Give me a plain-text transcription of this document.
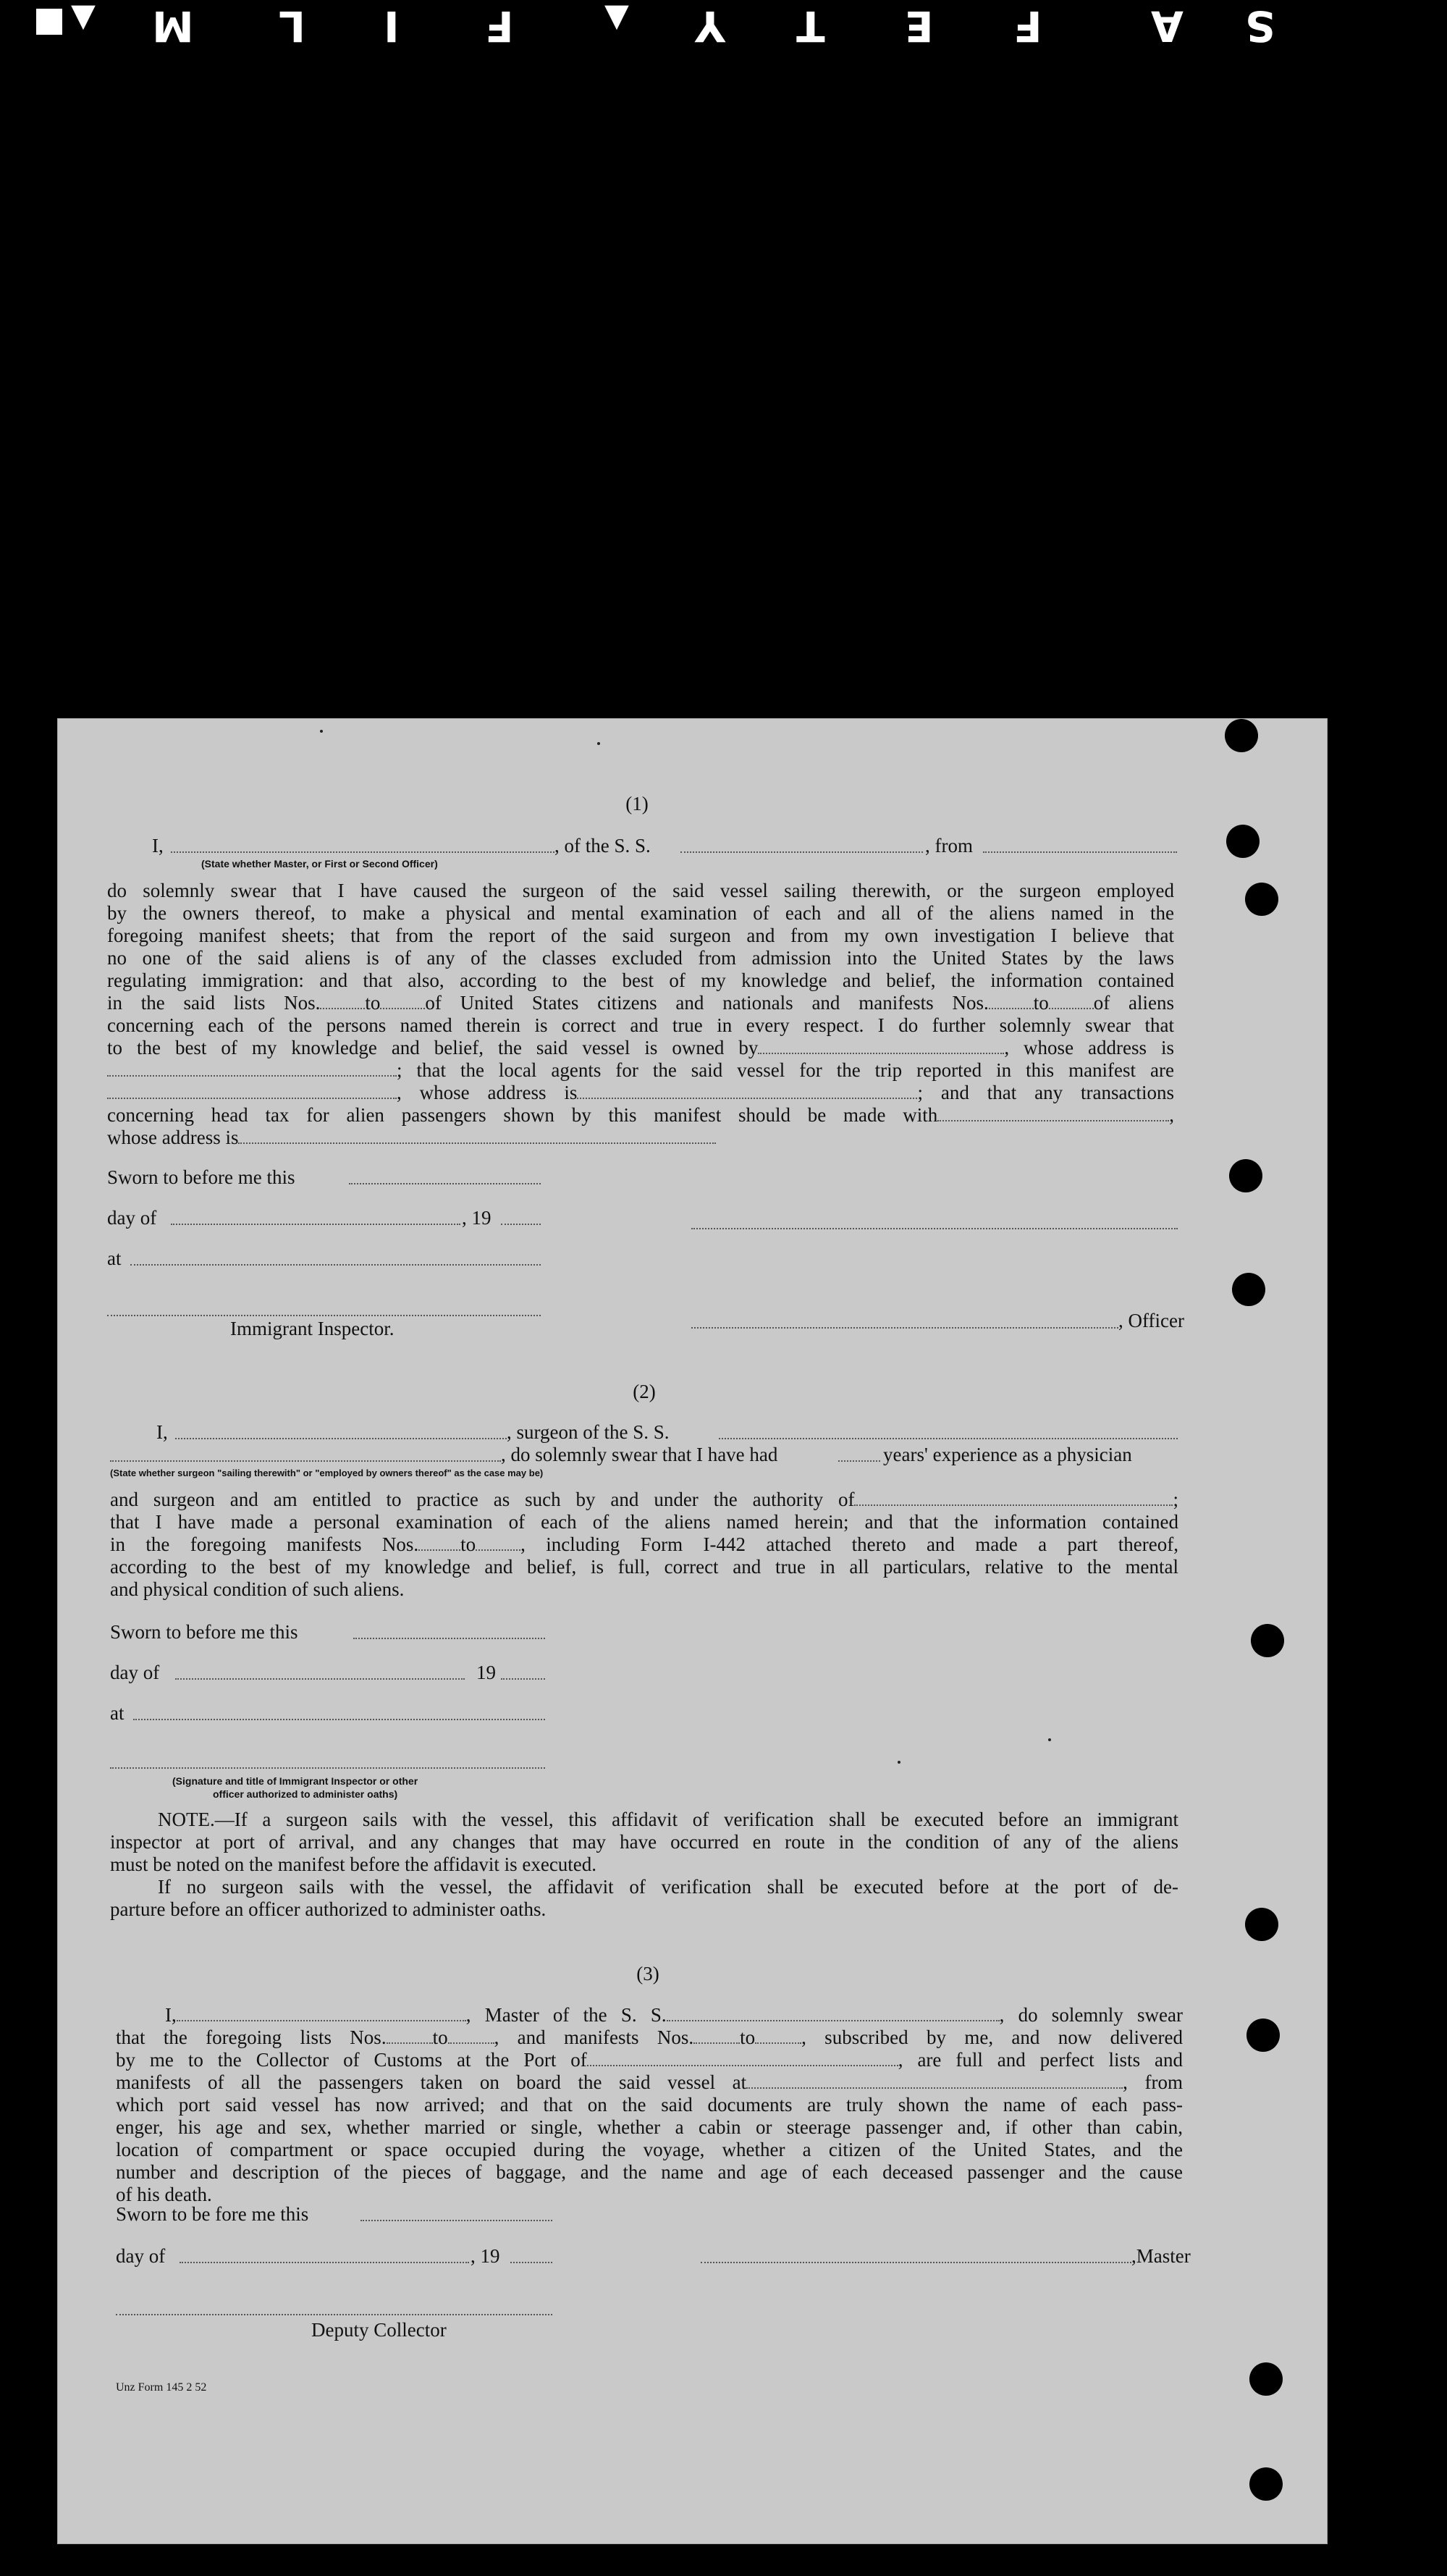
▲	S
A
F
E
T
Y
▲
F
I
L
M
(1)
I,	, of the S. S.	, from
(State whether Master, or First or Second Officer)
do solemnly swear that I have caused the surgeon of the said vessel sailing therewith, or the surgeon employed
by the owners thereof, to make a physical and mental examination of each and all of the aliens named in the
foregoing manifest sheets; that from the report of the said surgeon and from my own investigation I believe that
no one of the said aliens is of any of the classes excluded from admission into the United States by the laws
regulating immigration: and that also, according to the best of my knowledge and belief, the information contained
in the said lists Nos. to of United States citizens and nationals and manifests Nos. to of aliens
concerning each of the persons named therein is correct and true in every respect. I do further solemnly swear that
to the best of my knowledge and belief, the said vessel is owned by	, whose address is
; that the local agents for the said vessel for the trip reported in this manifest are
, whose address is	; and that any transactions
concerning head tax for alien passengers shown by this manifest should be made with	,
whose address is
Sworn to before me this
day of	, 19
at
Immigrant Inspector.	, Officer
(2)
I,	, surgeon of the S. S.
, do solemnly swear that I have had	years' experience as a physician
(State whether surgeon "sailing therewith" or "employed by owners thereof" as the case may be)
and surgeon and am entitled to practice as such by and under the authority of	;
that I have made a personal examination of each of the aliens named herein; and that the information contained
in the foregoing manifests Nos. to , including Form I-442 attached thereto and made a part thereof,
according to the best of my knowledge and belief, is full, correct and true in all particulars, relative to the mental
and physical condition of such aliens.
Sworn to before me this
day of	19
at
(Signature and title of Immigrant Inspector or other
officer authorized to administer oaths)
NOTE.—If a surgeon sails with the vessel, this affidavit of verification shall be executed before an immigrant
inspector at port of arrival, and any changes that may have occurred en route in the condition of any of the aliens
must be noted on the manifest before the affidavit is executed.
If no surgeon sails with the vessel, the affidavit of verification shall be executed before at the port of de-
parture before an officer authorized to administer oaths.
(3)
I,	, Master of the S. S.	, do solemnly swear
that the foregoing lists Nos. to , and manifests Nos. to , subscribed by me, and now delivered
by me to the Collector of Customs at the Port of	, are full and perfect lists and
manifests of all the passengers taken on board the said vessel at	, from
which port said vessel has now arrived; and that on the said documents are truly shown the name of each pass-
enger, his age and sex, whether married or single, whether a cabin or steerage passenger and, if other than cabin,
location of compartment or space occupied during the voyage, whether a citizen of the United States, and the
number and description of the pieces of baggage, and the name and age of each deceased passenger and the cause
of his death.
Sworn to be fore me this
day of	, 19	,Master
Deputy Collector
Unz Form 145 2 52
